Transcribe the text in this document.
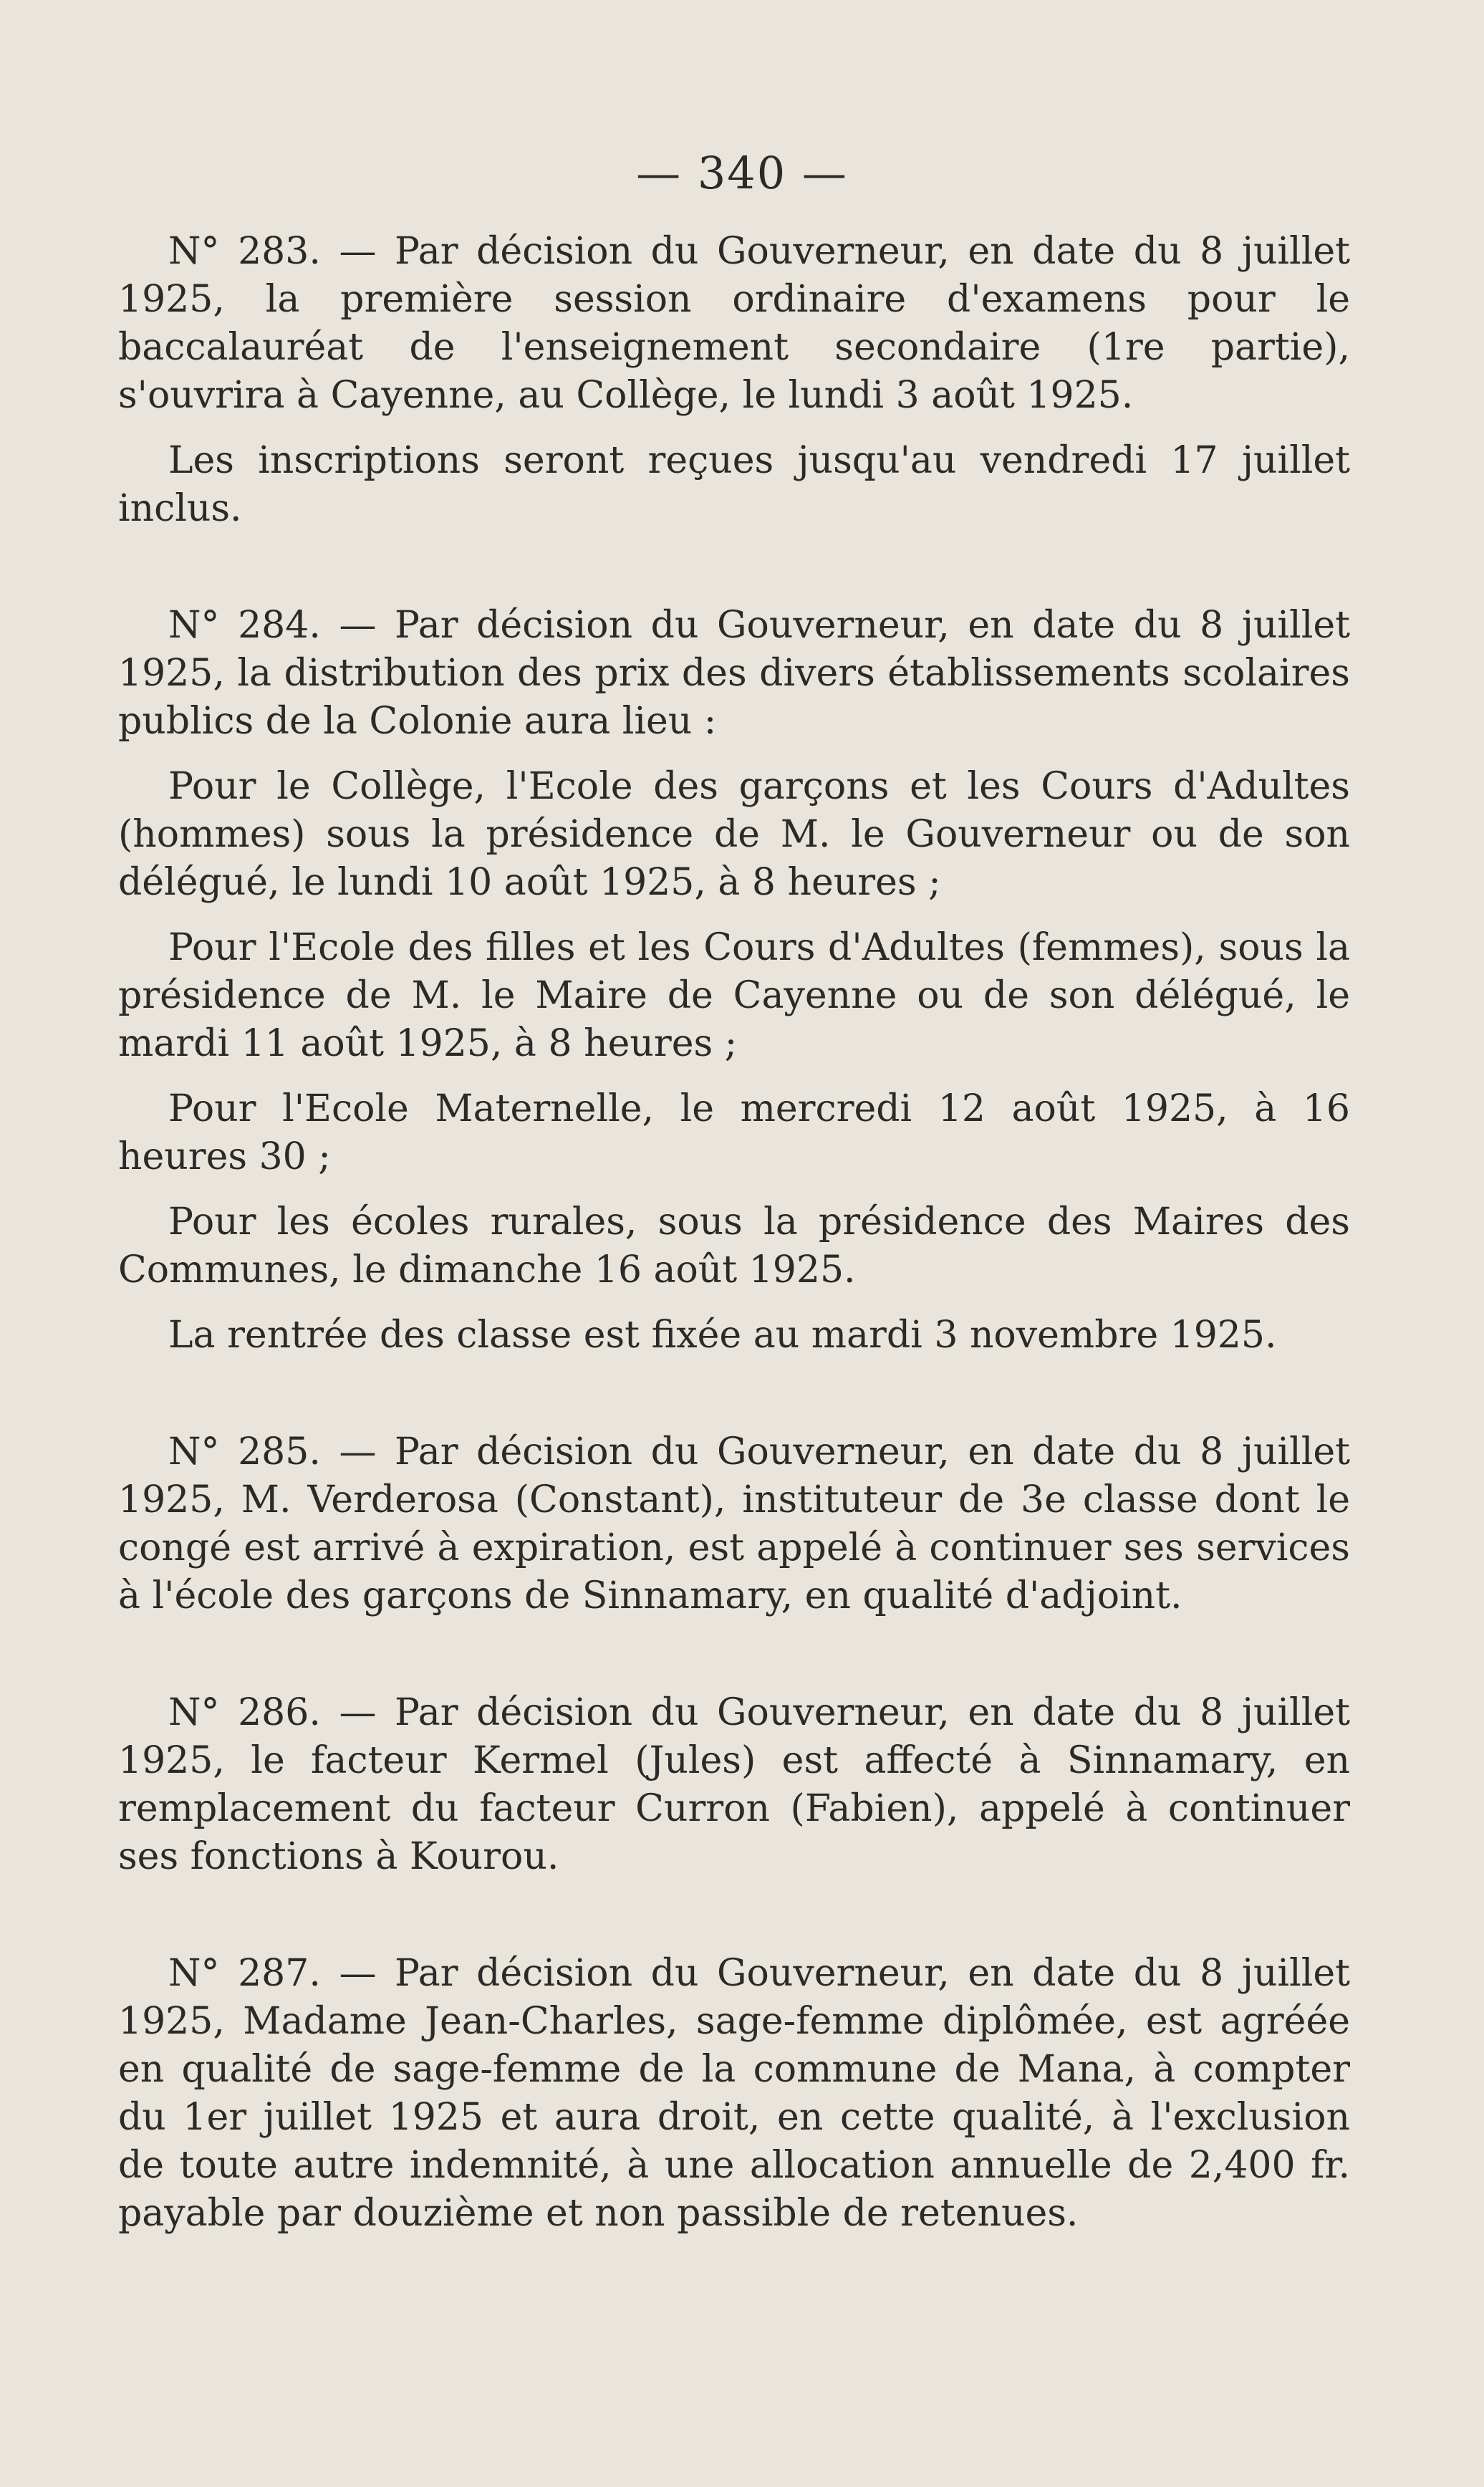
— 340 —

N° 283. — Par décision du Gouverneur, en date du 8 juillet 1925, la première session ordinaire d'examens pour le baccalauréat de l'enseignement secondaire (1re partie), s'ouvrira à Cayenne, au Collège, le lundi 3 août 1925.

Les inscriptions seront reçues jusqu'au vendredi 17 juillet inclus.

N° 284. — Par décision du Gouverneur, en date du 8 juillet 1925, la distribution des prix des divers établissements scolaires publics de la Colonie aura lieu :

Pour le Collège, l'Ecole des garçons et les Cours d'Adultes (hommes) sous la présidence de M. le Gouverneur ou de son délégué, le lundi 10 août 1925, à 8 heures ;

Pour l'Ecole des filles et les Cours d'Adultes (femmes), sous la présidence de M. le Maire de Cayenne ou de son délégué, le mardi 11 août 1925, à 8 heures ;

Pour l'Ecole Maternelle, le mercredi 12 août 1925, à 16 heures 30 ;

Pour les écoles rurales, sous la présidence des Maires des Communes, le dimanche 16 août 1925.

La rentrée des classe est fixée au mardi 3 novembre 1925.

N° 285. — Par décision du Gouverneur, en date du 8 juillet 1925, M. Verderosa (Constant), instituteur de 3e classe dont le congé est arrivé à expiration, est appelé à continuer ses services à l'école des garçons de Sinnamary, en qualité d'adjoint.

N° 286. — Par décision du Gouverneur, en date du 8 juillet 1925, le facteur Kermel (Jules) est affecté à Sinnamary, en remplacement du facteur Curron (Fabien), appelé à continuer ses fonctions à Kourou.

N° 287. — Par décision du Gouverneur, en date du 8 juillet 1925, Madame Jean-Charles, sage-femme diplômée, est agréée en qualité de sage-femme de la commune de Mana, à compter du 1er juillet 1925 et aura droit, en cette qualité, à l'exclusion de toute autre indemnité, à une allocation annuelle de 2,400 fr. payable par douzième et non passible de retenues.
